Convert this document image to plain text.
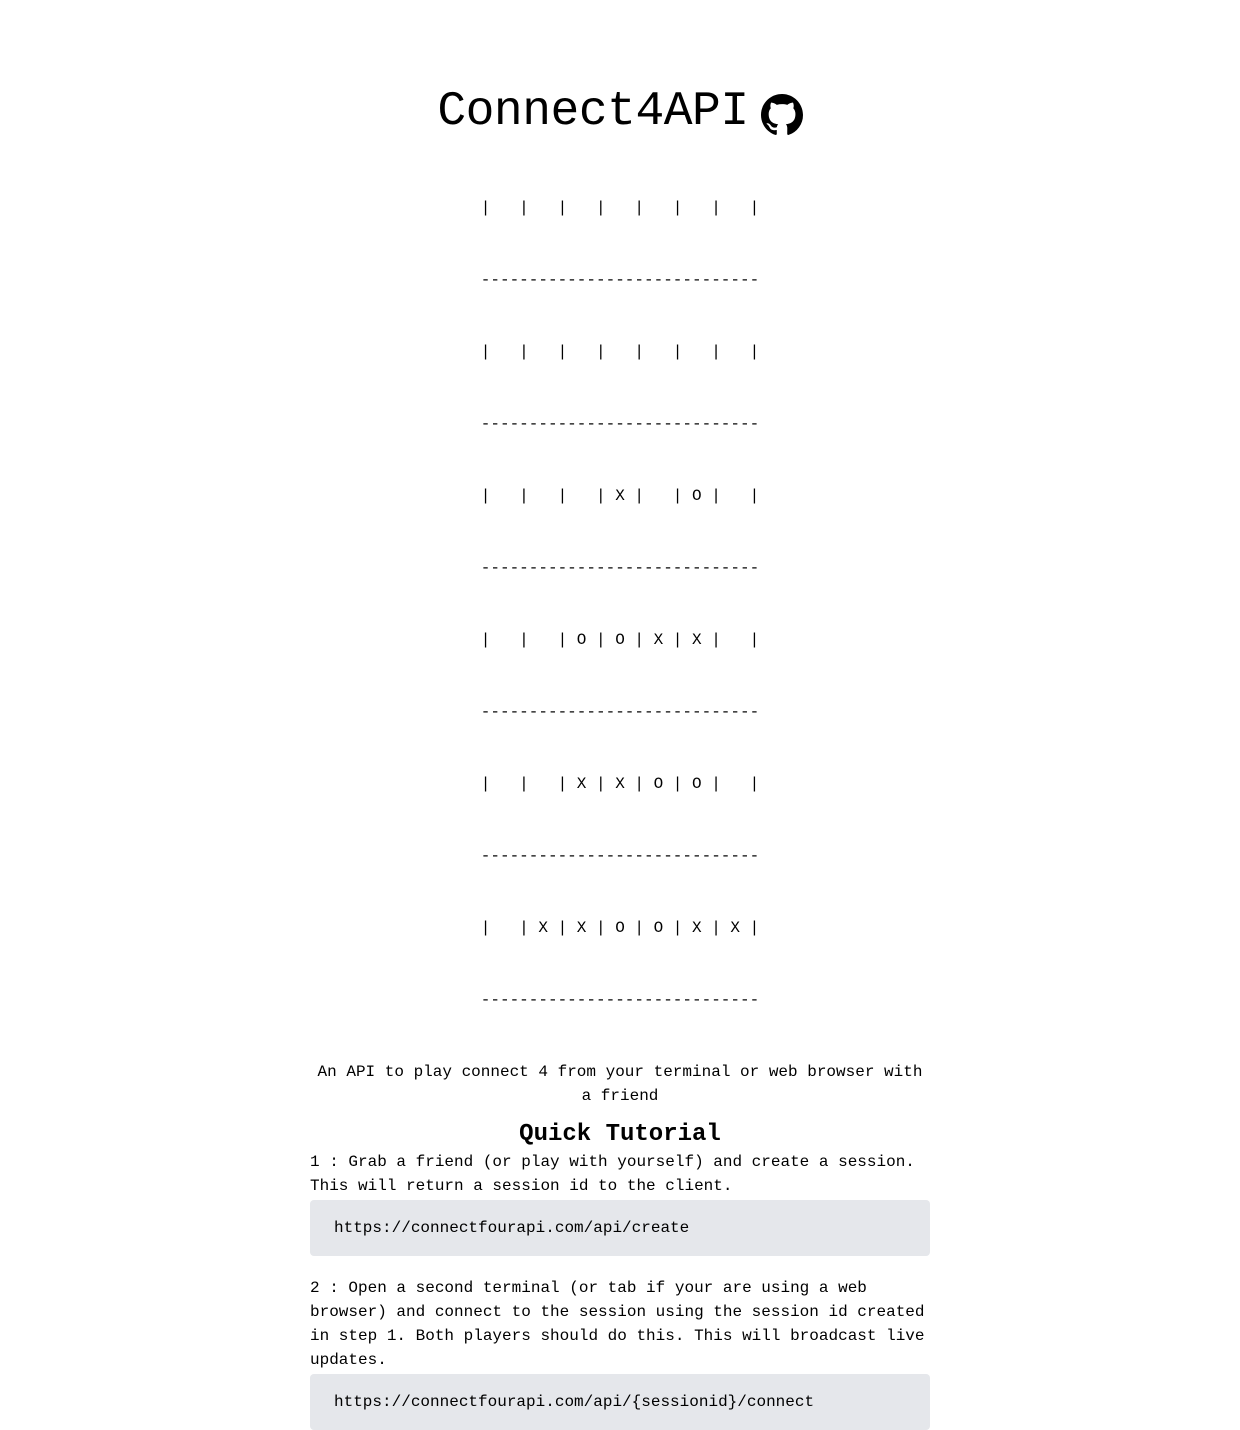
Connect4API

|   |   |   |   |   |   |   |

-----------------------------

|   |   |   |   |   |   |   |

-----------------------------

|   |   |   | X |   | O |   |

-----------------------------

|   |   | O | O | X | X |   |

-----------------------------

|   |   | X | X | O | O |   |

-----------------------------

|   | X | X | O | O | X | X |

-----------------------------

An API to play connect 4 from your terminal or web browser with a friend

Quick Tutorial

1 : Grab a friend (or play with yourself) and create a session. This will return a session id to the client.

https://connectfourapi.com/api/create

2 : Open a second terminal (or tab if your are using a web browser) and connect to the session using the session id created in step 1. Both players should do this. This will broadcast live updates.

https://connectfourapi.com/api/{sessionid}/connect
